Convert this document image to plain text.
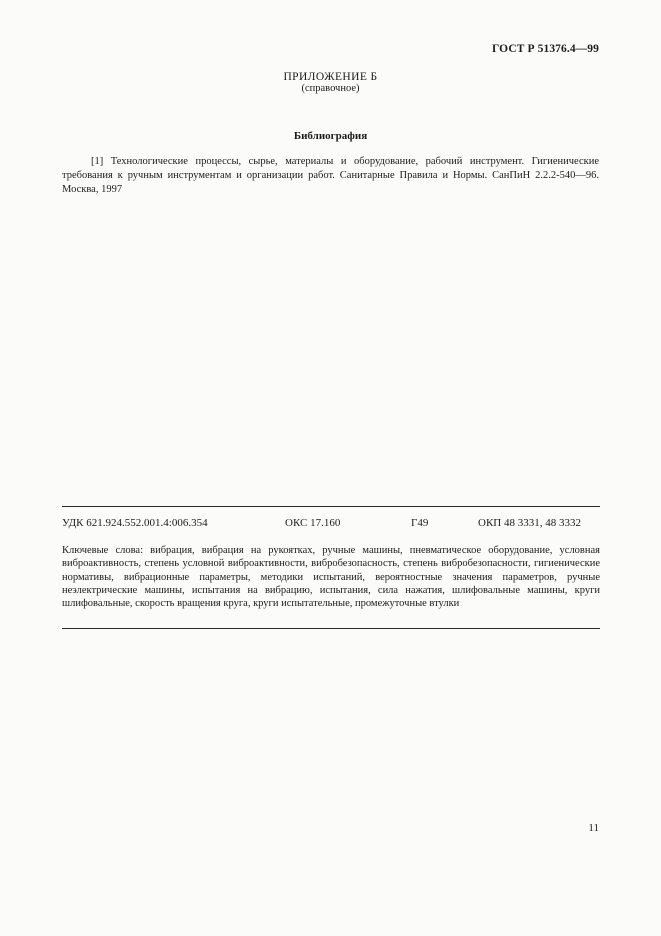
ГОСТ Р 51376.4—99
ПРИЛОЖЕНИЕ Б
(справочное)
Библиография
[1] Технологические процессы, сырье, материалы и оборудование, рабочий инструмент. Гигиенические требования к ручным инструментам и организации работ. Санитарные Правила и Нормы. СанПиН 2.2.2-540—96. Москва, 1997
УДК 621.924.552.001.4:006.354	ОКС 17.160	Г49	ОКП 48 3331, 48 3332
Ключевые слова: вибрация, вибрация на рукоятках, ручные машины, пневматическое оборудование, условная виброактивность, степень условной виброактивности, вибробезопасность, степень вибробезопасности, гигиенические нормативы, вибрационные параметры, методики испытаний, вероятностные значения параметров, ручные неэлектрические машины, испытания на вибрацию, испытания, сила нажатия, шлифовальные машины, круги шлифовальные, скорость вращения круга, круги испытательные, промежуточные втулки
11
